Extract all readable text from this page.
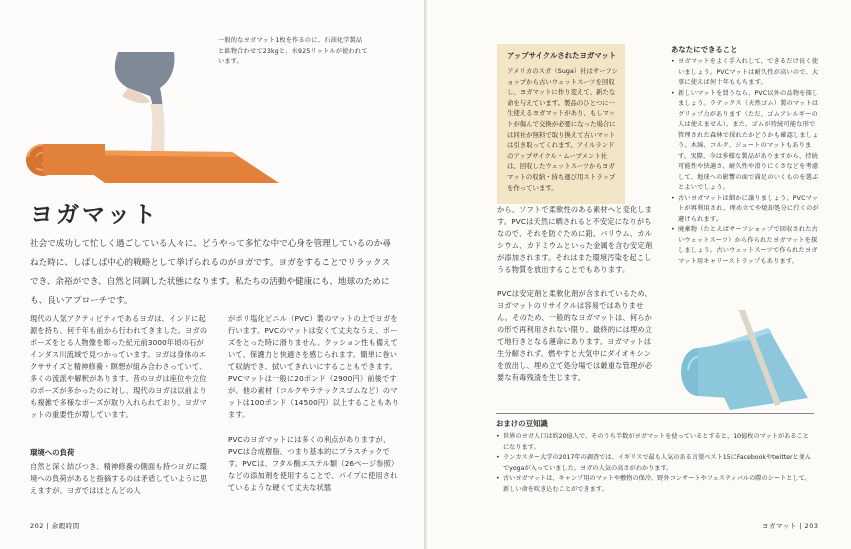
一般的なヨガマット1枚を作るのに、石油化学製品と鉱物合わせて23kgと、水925リットルが使われています。

ヨガマット

社会で成功して忙しく過ごしている人々に、どうやって多忙な中で心身を管理しているのか尋ねた時に、しばしば中心的戦略として挙げられるのがヨガです。ヨガをすることでリラックスでき、余裕ができ、自然と同調した状態になります。私たちの活動や健康にも、地球のためにも、良いアプローチです。

現代の人気アクティビティであるヨガは、インドに起源を持ち、何千年も前から行われてきました。ヨガのポーズをとる人物像を彫った紀元前3000年頃の石がインダス川流域で見つかっています。ヨガは身体のエクササイズと精神修養・瞑想が組み合わさっていて、多くの流派や解釈があります。昔のヨガは座位や立位のポーズが多かったのに対し、現代のヨガは以前よりも複雑で多様なポーズが取り入れられており、ヨガマットの重要性が増しています。

環境への負荷

自然と深く結びつき、精神修養の側面も持つヨガに環境への負荷があると指摘するのは矛盾していように思えますが、ヨガではほとんどの人

がポリ塩化ビニル（PVC）製のマットの上でヨガを行います。PVCのマットは安くて丈夫なうえ、ポーズをとった時に滑りません。クッション性も備えていて、保護力と快適さを感じられます。簡単に巻いて収納でき、拭いてきれいにすることもできます。PVCマットは一般に20ポンド（2900円）前後ですが、他の素材（コルクやラテックスゴムなど）のマットは100ポンド（14500円）以上することもあります。

PVCのヨガマットには多くの利点がありますが、PVCは合成樹脂、つまり基本的にプラスチックです。PVCは、フタル酸エステル類（26ページ参照）などの添加剤を使用することで、パイプに使用されているような硬くて丈夫な状態

202 | 余暇時間
アップサイクルされたヨガマット

アメリカのスガ（Suga）社はサーフショップから古いウェットスーツを回収し、ヨガマットに作り変えて、新たな命を与えています。製品のひとつに一生使えるヨガマットがあり、もしマットが傷んで交換が必要になった場合には同社が無料で取り換えて古いマットは引き取ってくれます。アイルランドのアップサイクル・ムーブメント社は、回収したウェットスーツからヨガマットの収納・持ち運び用ストラップを作っています。

から、ソフトで柔軟性のある素材へと変化します。PVCは天然に晒されると不安定になりがちなので、それを防ぐために鉛、バリウム、カルシウム、カドミウムといった金属を含む安定剤が添加されます。それはまた環境汚染を起こしうる物質を放出することでもあります。

PVCは安定剤と柔軟化剤が含まれているため、ヨガマットのリサイクルは容易ではありません。そのため、一般的なヨガマットは、何らかの形で再利用されない限り、最終的には埋め立て地行きとなる運命にあります。ヨガマットは生分解されず、燃やすと大気中にダイオキシンを放出し、埋め立て処分場では厳重な管理が必要な有毒残渣を生じます。

あなたにできること
• ヨガマットをよく手入れして、できるだけ長く使いましょう。PVCマットは耐久性が高いので、大事に使えば何十年ももちます。
• 新しいマットを買うなら、PVC以外の品物を探しましょう。ラテックス（天然ゴム）製のマットはグリップ力があります（ただ、ゴムアレルギーの人は使えません）。また、ゴムが持続可能な形で管理された森林で採れたかどうかも確認しましょう。木綿、コルク、ジュートのマットもあります。実際、今は多様な製品がありますから、持続可能性や快適さ、耐久性や滑りにくさなどを考慮して、地球への影響の面で満足のいくものを選ぶとよいでしょう。
• 古いヨガマットは細かに譲りましょう。PVCマットが再利用され、埋め立てや焼却処分に行くのが避けられます。
• 廃棄物（たとえばサーフショップで回収された古いウェットスーツ）から作られたヨガマットを探しましょう。古いウェットスーツで作られたヨガマット用キャリーストラップもあります。
おまけの豆知識
• 世界のヨガ人口は約20億人で、そのうち半数がヨガマットを使っているとすると、10億枚のマットがあることになります。
• ランカスター大学の2017年の調査では、イギリスで最も人気のある言葉ベスト15にFacebookやtwitterと並んでyogaが入っていました。ヨガの人気の高さがわかります。
• 古いヨガマットは、キャンプ用のマットや敷物の保冷、野外コンサートやフェスティバルの際のシートとして、新しい命を吹き込むことができます。
ヨガマット | 203
